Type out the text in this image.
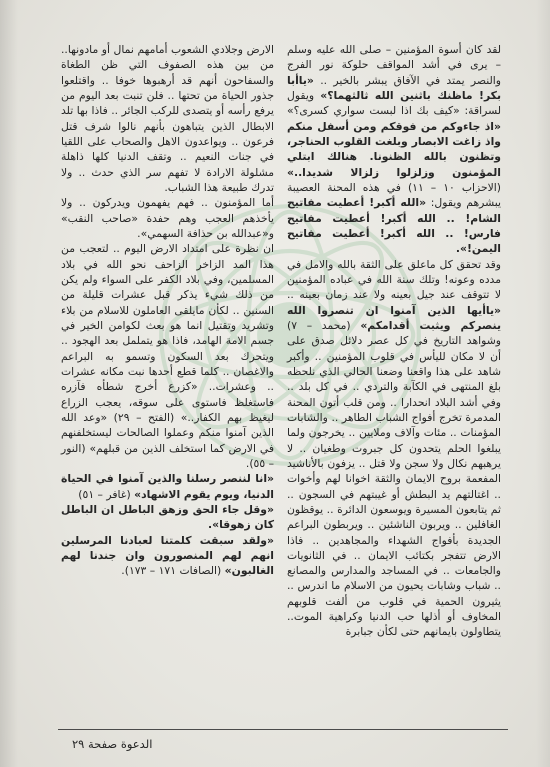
لقد كان أسوة المؤمنين – صلى الله عليه وسلم – يرى في أشد المواقف حلوكة نور الفرج والنصر يمتد في الآفاق يبشر بالخير .. «ياأبا بكر! ماظنك باثنين الله ثالثهما؟» ويقول لسراقة: «كيف بك اذا لبست سواري كسرى؟» «اذ جاءوكم من فوقكم ومن أسفل منكم واذ زاغت الابصار وبلغت القلوب الحناجر، وتظنون بالله الظنونا. هنالك ابتلي المؤمنون وزلزلوا زلزالا شديدا..» (الاحزاب ١٠ – ١١) في هذه المحنة العصيبة يبشرهم ويقول: «الله أكبر! أعطيت مفاتيح الشام! .. الله أكبر! أعطيت مفاتيح فارس! .. الله أكبر! أعطيت مفاتيح اليمن!».

وقد تحقق كل ماعلق على الثقة بالله والامل في مدده وعونه! وتلك سنة الله في عباده المؤمنين لا تتوقف عند جيل بعينه ولا عند زمان بعينه .. «ياأيها الذين آمنوا ان تنصروا الله ينصركم ويثبت أقدامكم» (محمد – ٧) وشواهد التاريخ في كل عصر دلائل صدق على أن لا مكان لليأس في قلوب المؤمنين .. وأكبر شاهد على هذا واقعنا وضعنا الحالي الذي نلحظه بلغ المنتهى في الكآبة والتردي .. في كل بلد .. وفي أشد البلاد انحدارا .. ومن قلب أتون المحنة المدمرة تخرج أفواج الشباب الطاهر .. والشابات المؤمنات .. مئات وآلاف وملايين .. يخرجون ولما يبلغوا الحلم يتحدون كل جبروت وطغيان .. لا يرهبهم نكال ولا سجن ولا قتل .. يزفون بالأناشيد المفعمة بروح الايمان والثقة اخوانا لهم وأخوات .. اغتالتهم يد البطش أو غيبتهم في السجون .. ثم يتابعون المسيرة ويوسعون الدائرة .. يوقظون الغافلين .. ويربون الناشئين .. ويربطون البراعم الجديدة بأفواج الشهداء والمجاهدين .. فاذا الارض تتفجر بكتائب الايمان .. في الثانويات والجامعات .. في المساجد والمدارس والمصانع .. شباب وشابات يحيون من الاسلام ما اندرس .. يثيرون الحمية في قلوب من ألفت قلوبهم المخاوف أو أذلها حب الدنيا وكراهية الموت.. يتطاولون بايمانهم حتى لكأن جبابرة

الارض وجلادي الشعوب أمامهم نمال أو مادونها.. من بين هذه الصفوف التي ظن الطغاة والسفاحون أنهم قد أرهبوها خوفا .. واقتلعوا جذور الحياة من تحتها .. فلن تنبت بعد اليوم من يرفع رأسه أو يتصدى للركب الجائر .. فاذا بها تلد الابطال الذين يتباهون بأنهم نالوا شرف قتل فرعون .. ويواعدون الاهل والصحاب على اللقيا في جنات النعيم .. وتقف الدنيا كلها ذاهلة مشلولة الارادة لا تفهم سر الذي حدث .. ولا تدرك طبيعة هذا الشباب.

أما المؤمنون .. فهم يفهمون ويدركون .. ولا يأخذهم العجب وهم حفدة «صاحب النقب» و«عبدالله بن حذافة السهمي».

ان نظرة على امتداد الارض اليوم .. لتعجب من هذا المد الزاخر الزاحف نحو الله في بلاد المسلمين، وفي بلاد الكفر على السواء ولم يكن من ذلك شيء يذكر قبل عشرات قليلة من السنين .. لكأن مايلقى العاملون للاسلام من بلاء وتشريد وتقتيل انما هو بعث لكوامن الخير في جسم الامة الهامد، فاذا هو يتململ بعد الهجود .. ويتحرك بعد السكون وتسمو به البراعم والاغصان .. كلما قطع أحدها نبت مكانه عشرات .. وعشرات.. «كزرع أخرج شطأه فآزره فاستغلظ فاستوى على سوقه، يعجب الزراع ليغيظ بهم الكفار..» (الفتح – ٢٩) «وعد الله الذين آمنوا منكم وعملوا الصالحات ليستخلفنهم في الارض كما استخلف الذين من قبلهم» (النور – ٥٥).

«انا لننصر رسلنا والذين آمنوا في الحياة الدنيا، ويوم يقوم الاشهاد» (غافر – ٥١)
«وقل جاء الحق وزهق الباطل ان الباطل كان زهوقا».
«ولقد سبقت كلمتنا لعبادنا المرسلين انهم لهم المنصورون وان جندنا لهم الغالبون» (الصافات ١٧١ – ١٧٣).

الدعوة صفحة ٢٩
